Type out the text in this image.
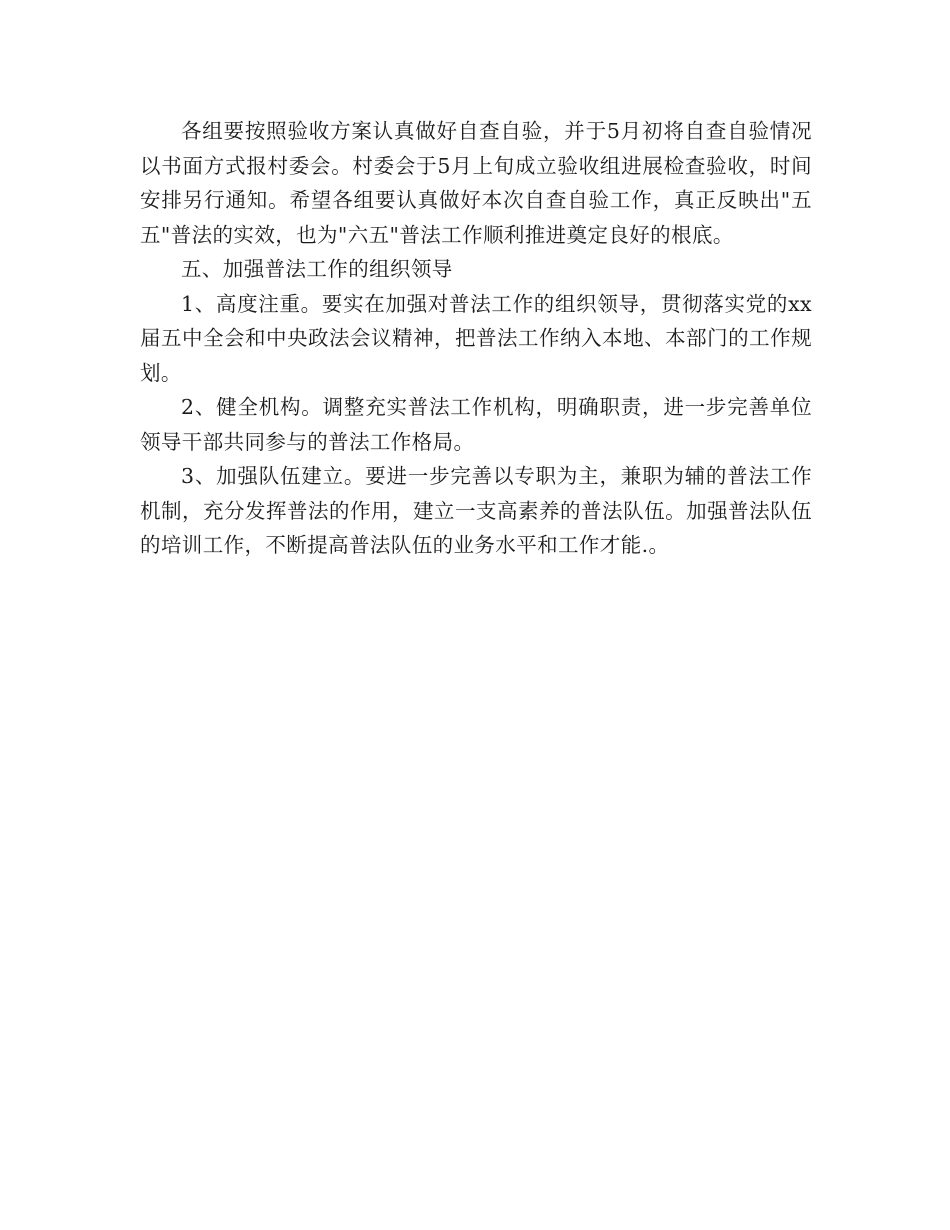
各组要按照验收方案认真做好自查自验，并于5月初将自查自验情况以书面方式报村委会。村委会于5月上旬成立验收组进展检查验收，时间安排另行通知。希望各组要认真做好本次自查自验工作，真正反映出"五五"普法的实效，也为"六五"普法工作顺利推进奠定良好的根底。

五、加强普法工作的组织领导

1、高度注重。要实在加强对普法工作的组织领导，贯彻落实党的xx届五中全会和中央政法会议精神，把普法工作纳入本地、本部门的工作规划。

2、健全机构。调整充实普法工作机构，明确职责，进一步完善单位领导干部共同参与的普法工作格局。

3、加强队伍建立。要进一步完善以专职为主，兼职为辅的普法工作机制，充分发挥普法的作用，建立一支高素养的普法队伍。加强普法队伍的培训工作，不断提高普法队伍的业务水平和工作才能.。
